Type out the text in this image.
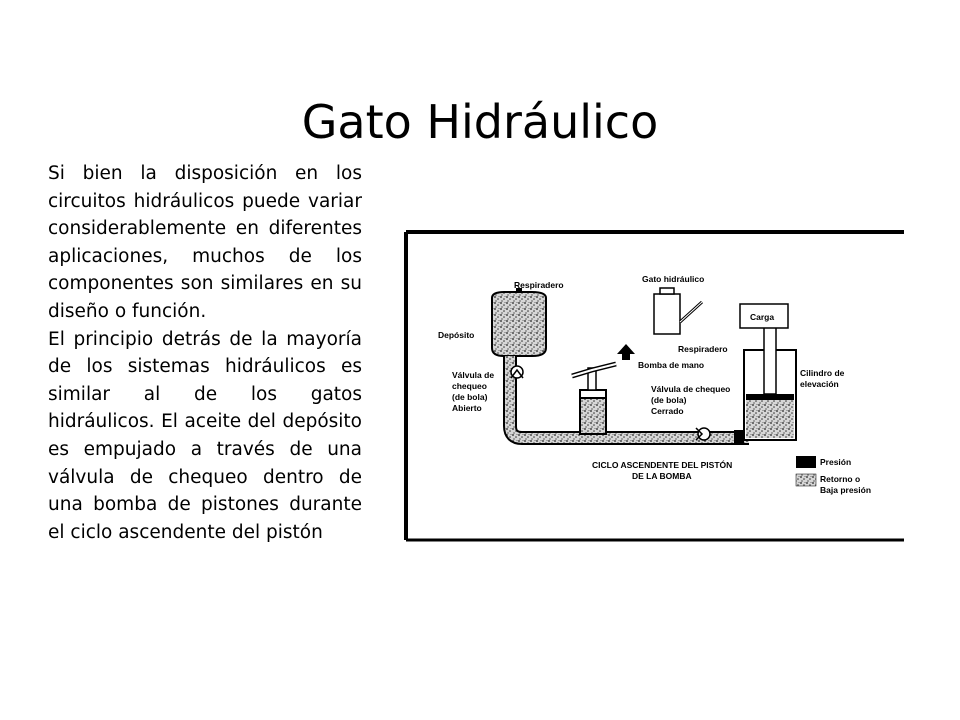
Gato Hidráulico

Si bien la disposición en los circuitos hidráulicos puede variar considerablemente en diferentes aplicaciones, muchos de los componentes son similares en su diseño o función.

El principio detrás de la mayoría de los sistemas hidráulicos es similar al de los gatos hidráulicos. El aceite del depósito es empujado a través de una válvula de chequeo dentro de una bomba de pistones durante el ciclo ascendente del pistón

Respiradero
Depósito
Gato hidráulico
Carga
Respiradero
Bomba de mano
Cilindro de
elevación
Válvula de
chequeo
(de bola)
Abierto
Válvula de chequeo
(de bola)
Cerrado
CICLO ASCENDENTE DEL PISTÓN
DE LA BOMBA
Presión
Retorno o
Baja presión
